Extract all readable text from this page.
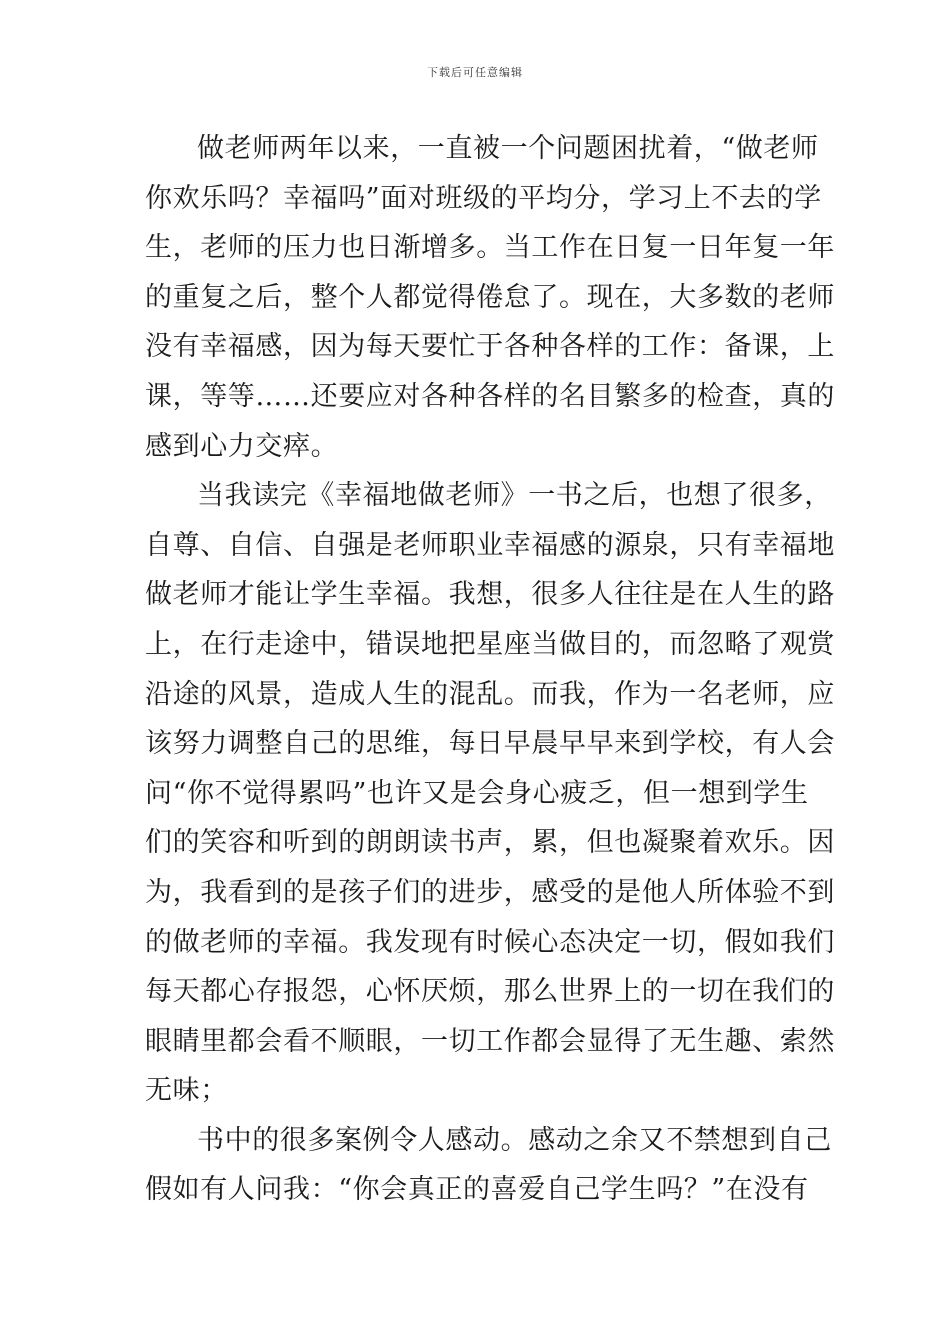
下载后可任意编辑
做老师两年以来，一直被一个问题困扰着，“做老师
你欢乐吗？幸福吗”面对班级的平均分，学习上不去的学
生，老师的压力也日渐增多。当工作在日复一日年复一年
的重复之后，整个人都觉得倦怠了。现在，大多数的老师
没有幸福感，因为每天要忙于各种各样的工作：备课，上
课，等等……还要应对各种各样的名目繁多的检查，真的
感到心力交瘁。
当我读完《幸福地做老师》一书之后，也想了很多，
自尊、自信、自强是老师职业幸福感的源泉，只有幸福地
做老师才能让学生幸福。我想，很多人往往是在人生的路
上，在行走途中，错误地把星座当做目的，而忽略了观赏
沿途的风景，造成人生的混乱。而我，作为一名老师，应
该努力调整自己的思维，每日早晨早早来到学校，有人会
问“你不觉得累吗”也许又是会身心疲乏，但一想到学生
们的笑容和听到的朗朗读书声，累，但也凝聚着欢乐。因
为，我看到的是孩子们的进步，感受的是他人所体验不到
的做老师的幸福。我发现有时候心态决定一切，假如我们
每天都心存报怨，心怀厌烦，那么世界上的一切在我们的
眼睛里都会看不顺眼，一切工作都会显得了无生趣、索然
无味；
书中的很多案例令人感动。感动之余又不禁想到自己
假如有人问我：“你会真正的喜爱自己学生吗？”在没有
